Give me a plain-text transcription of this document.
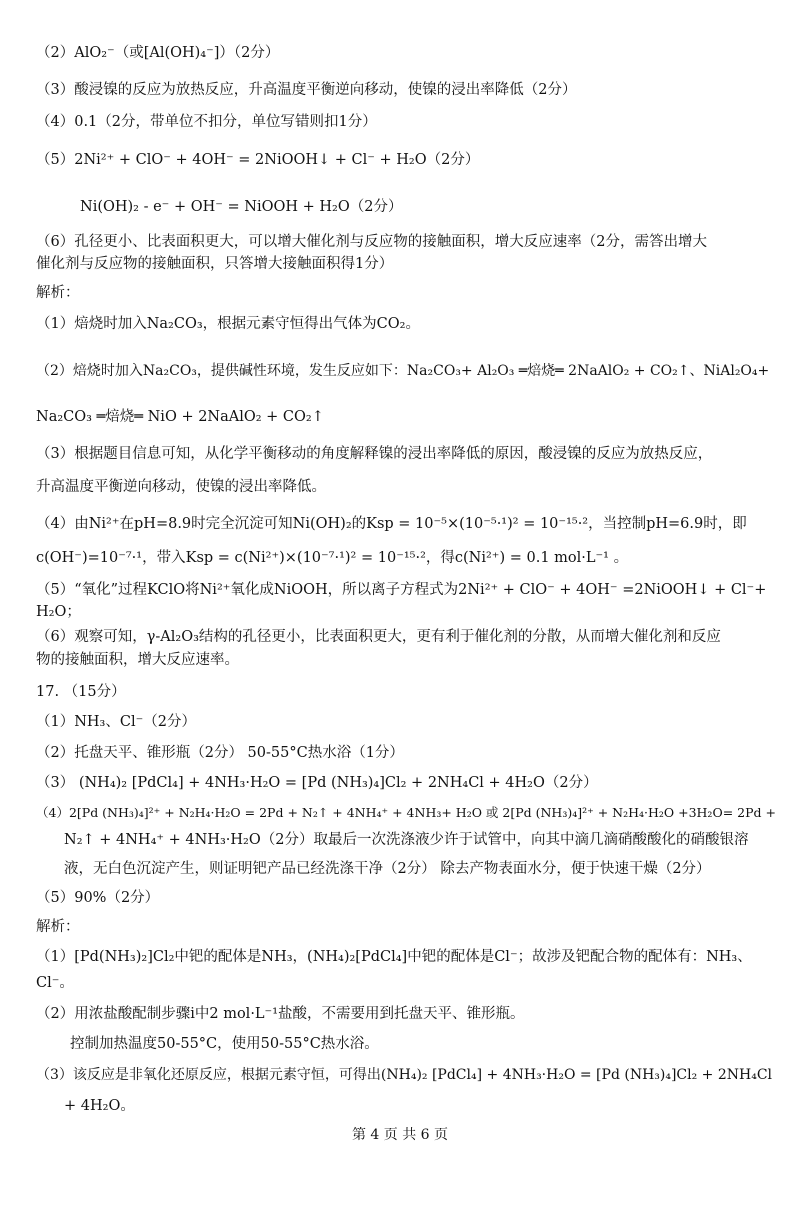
（2）AlO₂⁻（或[Al(OH)₄⁻]）（2分）
（3）酸浸镍的反应为放热反应，升高温度平衡逆向移动，使镍的浸出率降低（2分）
（4）0.1（2分，带单位不扣分，单位写错则扣1分）
（5）2Ni²⁺ + ClO⁻ + 4OH⁻ = 2NiOOH↓ + Cl⁻ + H₂O（2分）
Ni(OH)₂ - e⁻ + OH⁻ = NiOOH + H₂O（2分）
（6）孔径更小、比表面积更大，可以增大催化剂与反应物的接触面积，增大反应速率（2分，需答出增大
催化剂与反应物的接触面积，只答增大接触面积得1分）
解析：
（1）焙烧时加入Na₂CO₃，根据元素守恒得出气体为CO₂。
（2）焙烧时加入Na₂CO₃，提供碱性环境，发生反应如下：Na₂CO₃+ Al₂O₃ ═焙烧═ 2NaAlO₂ + CO₂↑、NiAl₂O₄+
Na₂CO₃ ═焙烧═ NiO + 2NaAlO₂ + CO₂↑
（3）根据题目信息可知，从化学平衡移动的角度解释镍的浸出率降低的原因，酸浸镍的反应为放热反应，
升高温度平衡逆向移动，使镍的浸出率降低。
（4）由Ni²⁺在pH=8.9时完全沉淀可知Ni(OH)₂的Ksp = 10⁻⁵×(10⁻⁵·¹)² = 10⁻¹⁵·²，当控制pH=6.9时，即
c(OH⁻)=10⁻⁷·¹，带入Ksp = c(Ni²⁺)×(10⁻⁷·¹)² = 10⁻¹⁵·²，得c(Ni²⁺) = 0.1 mol·L⁻¹ 。
（5）“氧化”过程KClO将Ni²⁺氧化成NiOOH，所以离子方程式为2Ni²⁺ + ClO⁻ + 4OH⁻ =2NiOOH↓ + Cl⁻+
H₂O；
（6）观察可知，γ-Al₂O₃结构的孔径更小，比表面积更大，更有利于催化剂的分散，从而增大催化剂和反应
物的接触面积，增大反应速率。
17. （15分）
（1）NH₃、Cl⁻（2分）
（2）托盘天平、锥形瓶（2分） 50-55°C热水浴（1分）
（3） (NH₄)₂ [PdCl₄] + 4NH₃·H₂O = [Pd (NH₃)₄]Cl₂ + 2NH₄Cl + 4H₂O（2分）
（4）2[Pd (NH₃)₄]²⁺ + N₂H₄·H₂O = 2Pd + N₂↑ + 4NH₄⁺ + 4NH₃+ H₂O 或 2[Pd (NH₃)₄]²⁺ + N₂H₄·H₂O +3H₂O= 2Pd +
N₂↑ + 4NH₄⁺ + 4NH₃·H₂O（2分）取最后一次洗涤液少许于试管中，向其中滴几滴硝酸酸化的硝酸银溶
液，无白色沉淀产生，则证明钯产品已经洗涤干净（2分） 除去产物表面水分，便于快速干燥（2分）
（5）90%（2分）
解析：
（1）[Pd(NH₃)₂]Cl₂中钯的配体是NH₃，(NH₄)₂[PdCl₄]中钯的配体是Cl⁻；故涉及钯配合物的配体有：NH₃、
Cl⁻。
（2）用浓盐酸配制步骤i中2 mol·L⁻¹盐酸，不需要用到托盘天平、锥形瓶。
控制加热温度50-55°C，使用50-55°C热水浴。
（3）该反应是非氧化还原反应，根据元素守恒，可得出(NH₄)₂ [PdCl₄] + 4NH₃·H₂O = [Pd (NH₃)₄]Cl₂ + 2NH₄Cl
+ 4H₂O。
第 4 页 共 6 页
